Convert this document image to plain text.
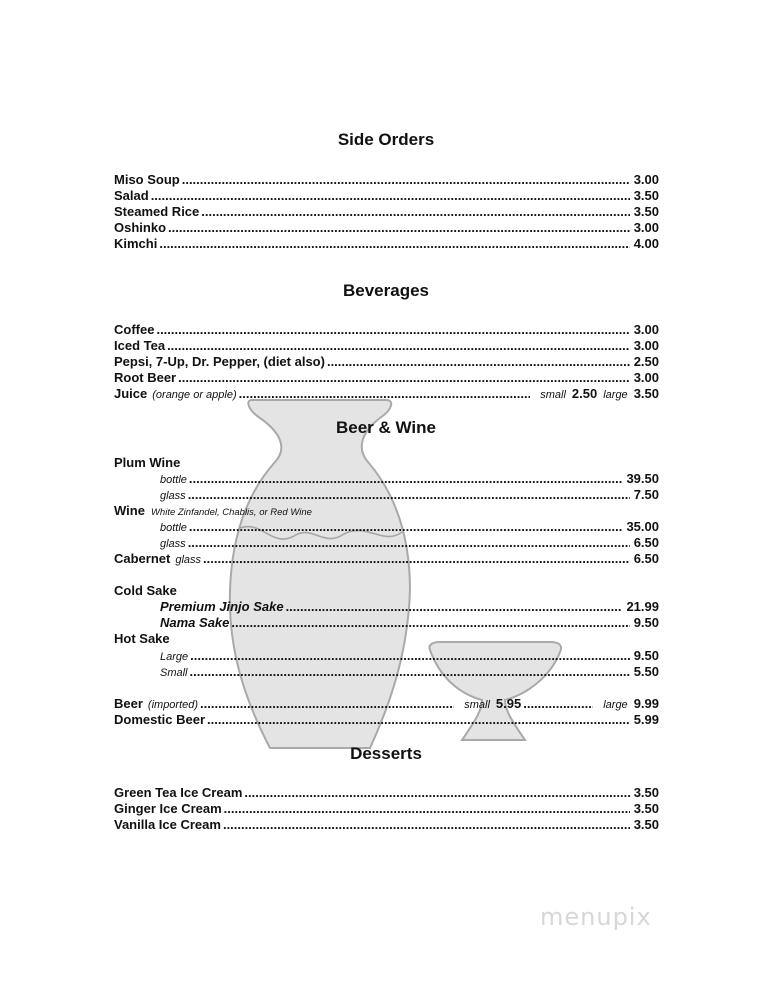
Side Orders
Miso Soup .....	3.00
Salad .....	3.50
Steamed Rice .....	3.50
Oshinko .....	3.00
Kimchi .....	4.00
Beverages
Coffee .....	3.00
Iced Tea .....	3.00
Pepsi, 7-Up, Dr. Pepper, (diet also) .....	2.50
Root Beer .....	3.00
Juice (orange or apple) .....	small 2.50 large 3.50
Beer & Wine
Plum Wine
bottle .....	39.50
glass .....	7.50
Wine White Zinfandel, Chablis, or Red Wine
bottle .....	35.00
glass .....	6.50
Cabernet glass .....	6.50
Cold Sake
Premium Jinjo Sake .....	21.99
Nama Sake .....	9.50
Hot Sake
Large .....	9.50
Small .....	5.50
Beer (imported) .....	small 5.95 .....	large 9.99
Domestic Beer .....	5.99
Desserts
Green Tea Ice Cream .....	3.50
Ginger Ice Cream .....	3.50
Vanilla Ice Cream .....	3.50
menupix
